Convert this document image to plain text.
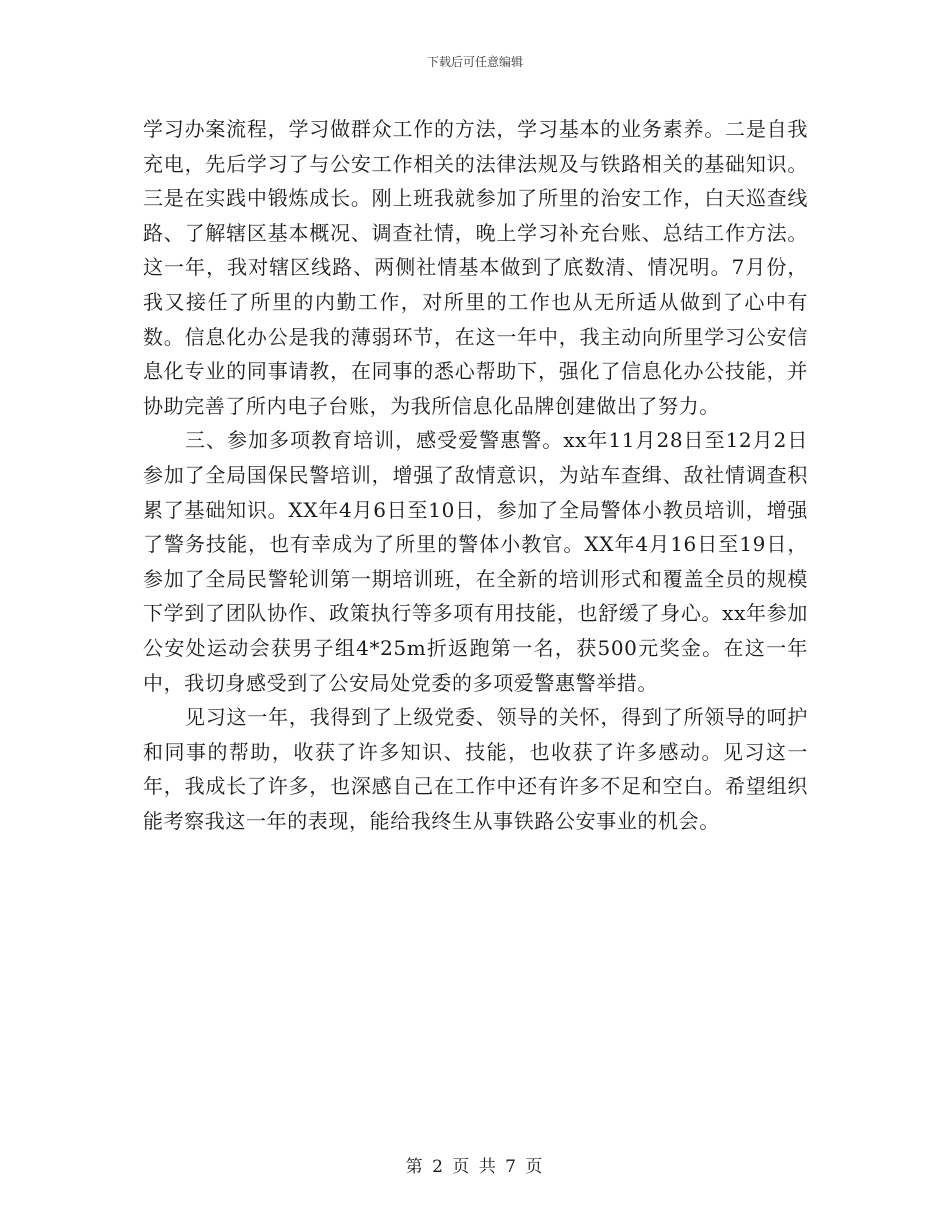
下载后可任意编辑

学习办案流程，学习做群众工作的方法，学习基本的业务素养。二是自我充电，先后学习了与公安工作相关的法律法规及与铁路相关的基础知识。三是在实践中锻炼成长。刚上班我就参加了所里的治安工作，白天巡查线路、了解辖区基本概况、调查社情，晚上学习补充台账、总结工作方法。这一年，我对辖区线路、两侧社情基本做到了底数清、情况明。7月份，我又接任了所里的内勤工作，对所里的工作也从无所适从做到了心中有数。信息化办公是我的薄弱环节，在这一年中，我主动向所里学习公安信息化专业的同事请教，在同事的悉心帮助下，强化了信息化办公技能，并协助完善了所内电子台账，为我所信息化品牌创建做出了努力。

三、参加多项教育培训，感受爱警惠警。xx年11月28日至12月2日参加了全局国保民警培训，增强了敌情意识，为站车查缉、敌社情调查积累了基础知识。XX年4月6日至10日，参加了全局警体小教员培训，增强了警务技能，也有幸成为了所里的警体小教官。XX年4月16日至19日，参加了全局民警轮训第一期培训班，在全新的培训形式和覆盖全员的规模下学到了团队协作、政策执行等多项有用技能，也舒缓了身心。xx年参加公安处运动会获男子组4*25m折返跑第一名，获500元奖金。在这一年中，我切身感受到了公安局处党委的多项爱警惠警举措。

见习这一年，我得到了上级党委、领导的关怀，得到了所领导的呵护和同事的帮助，收获了许多知识、技能，也收获了许多感动。见习这一年，我成长了许多，也深感自己在工作中还有许多不足和空白。希望组织能考察我这一年的表现，能给我终生从事铁路公安事业的机会。

第 2 页 共 7 页
